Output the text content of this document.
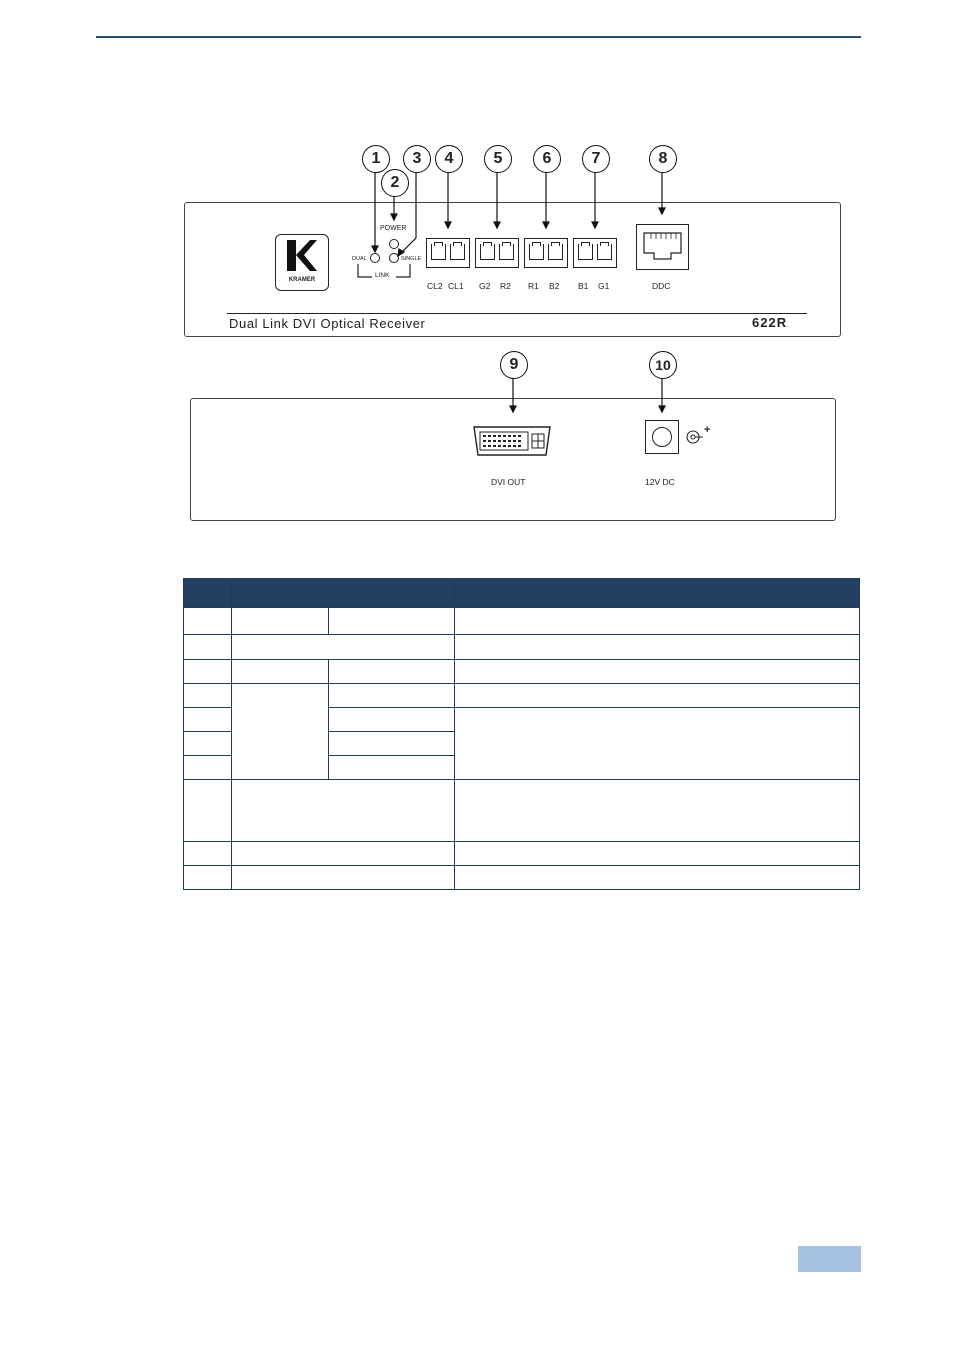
KRAMER
POWER
DUAL	SINGLE
LINK
CL2 CL1 G2 R2 R1 B2 B1 G1	DDC
Dual Link DVI Optical Receiver	622R
DVI OUT
+
12V DC
1
2
3	4	5	6	7	8
9	10
